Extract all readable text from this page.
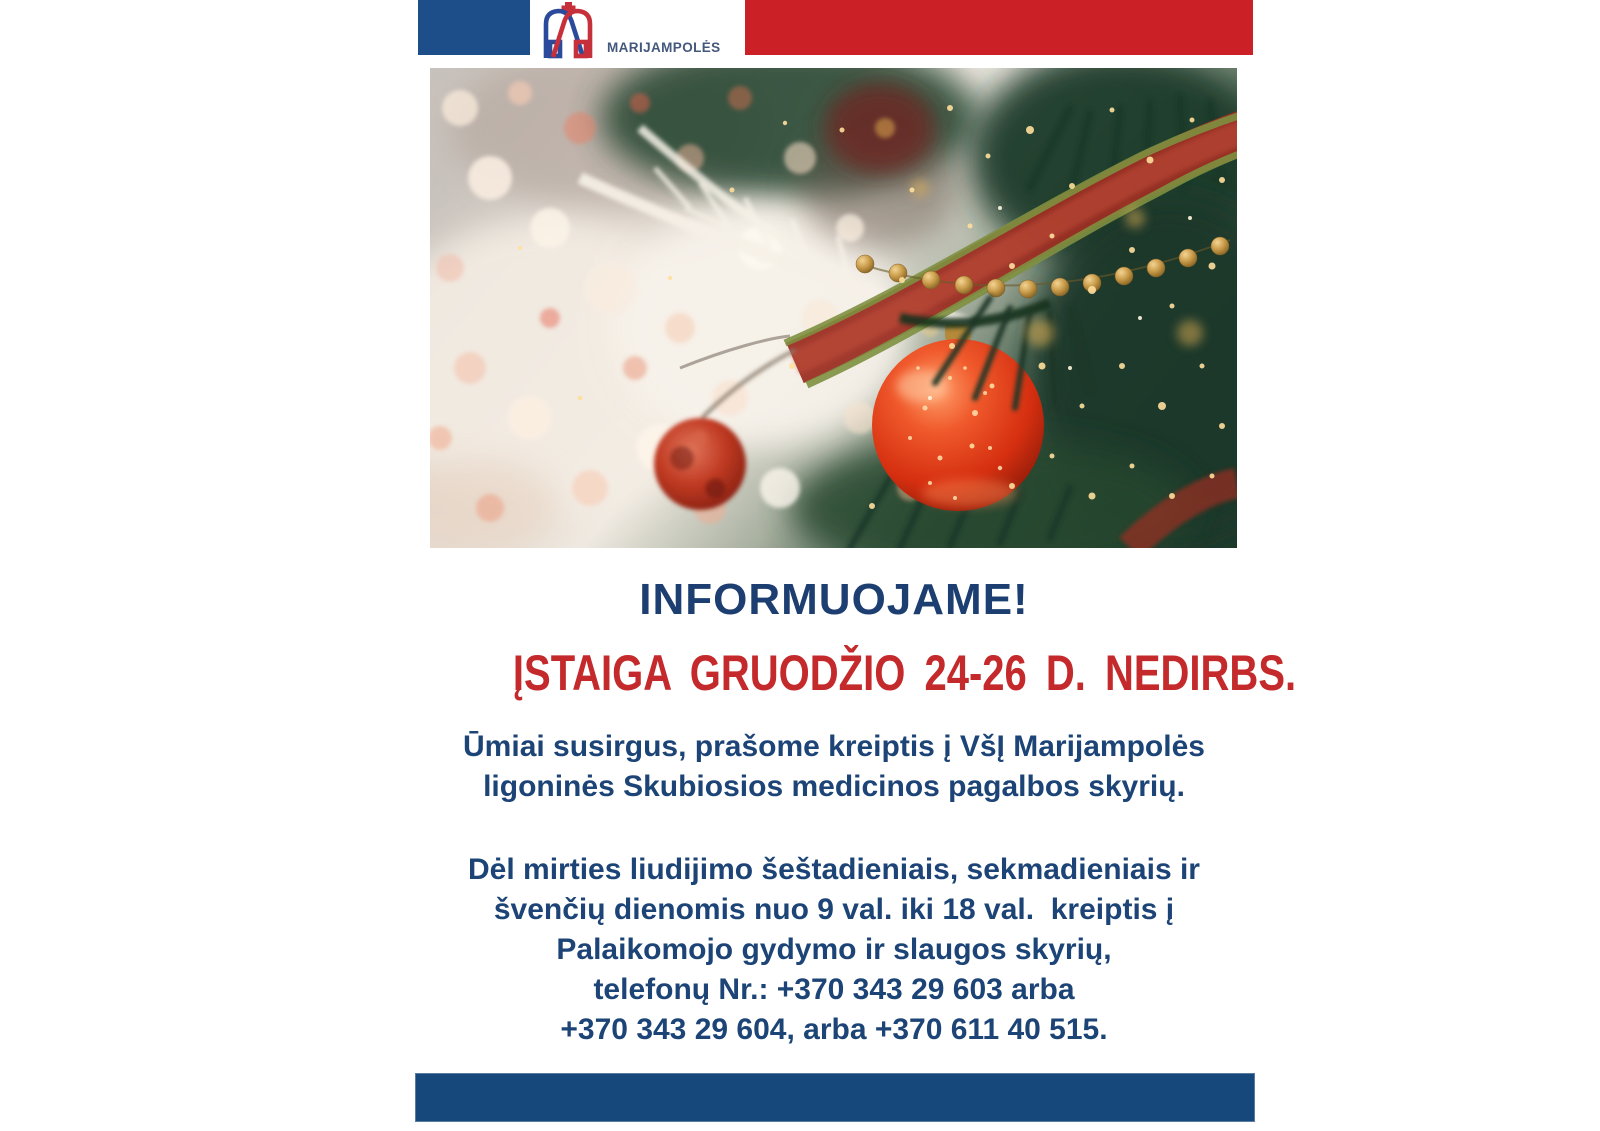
MARIJAMPOLĖS

INFORMUOJAME!
ĮSTAIGA GRUODŽIO 24-26 D. NEDIRBS.

Ūmiai susirgus, prašome kreiptis į VšĮ Marijampolės
ligoninės Skubiosios medicinos pagalbos skyrių.

Dėl mirties liudijimo šeštadieniais, sekmadieniais ir
švenčių dienomis nuo 9 val. iki 18 val.  kreiptis į
Palaikomojo gydymo ir slaugos skyrių,
telefonų Nr.: +370 343 29 603 arba
+370 343 29 604, arba +370 611 40 515.
